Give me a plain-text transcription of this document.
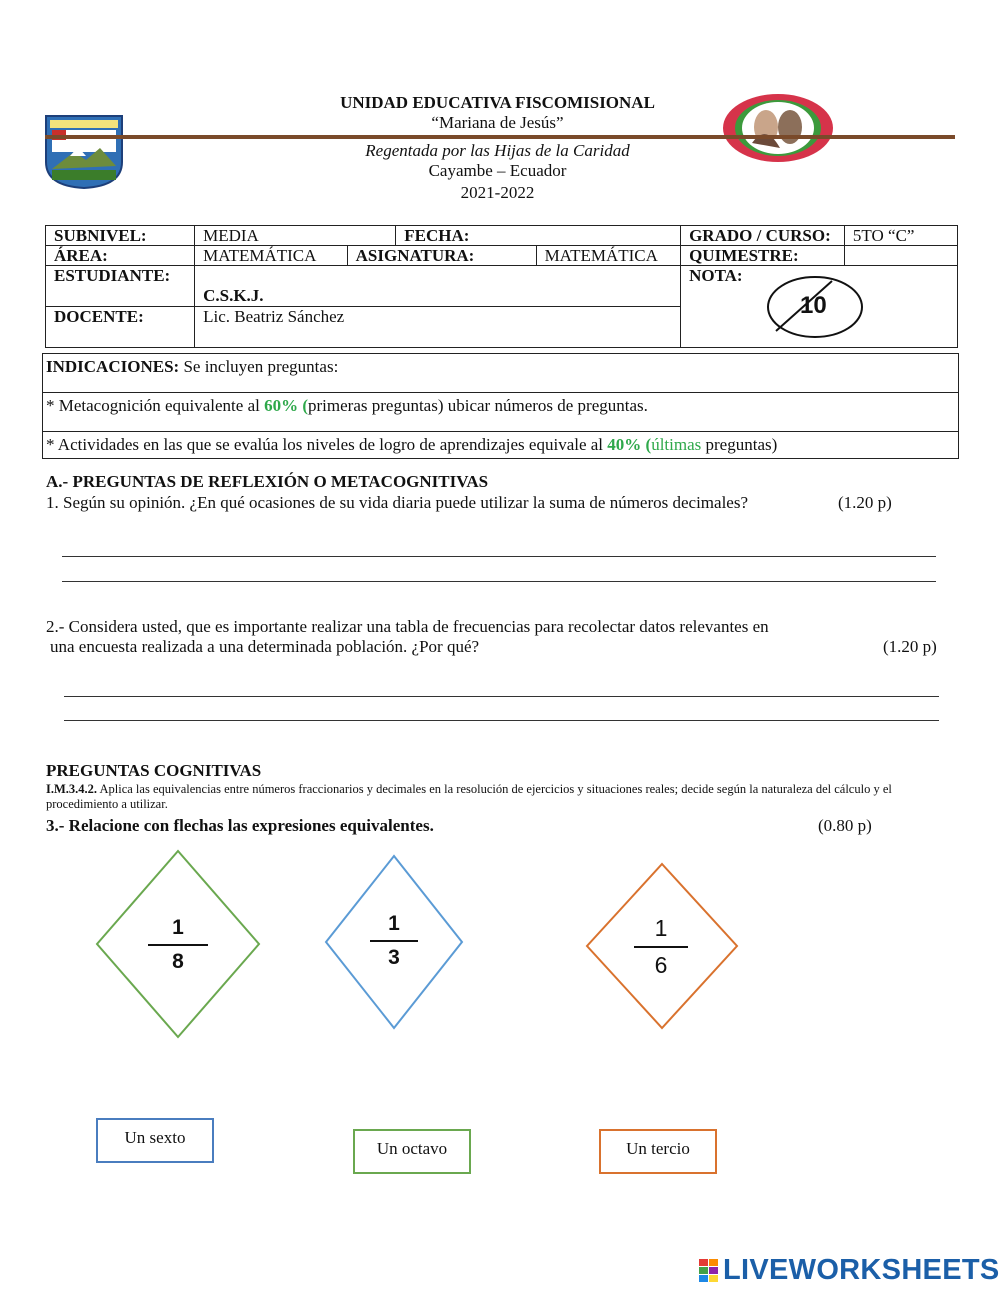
UNIDAD EDUCATIVA FISCOMISIONAL
“Mariana de Jesús”
Regentada por las Hijas de la Caridad
Cayambe – Ecuador
2021-2022
SUBNIVEL:	MEDIA		FECHA:		GRADO / CURSO:	5TO “C”
ÁREA:	MATEMÁTICA	ASIGNATURA:		MATEMÁTICA	QUIMESTRE:	
ESTUDIANTE:	C.S.K.J.				NOTA:	
DOCENTE:	Lic. Beatriz Sánchez						10
INDICACIONES: Se incluyen preguntas:
* Metacognición equivalente al 60% (primeras preguntas) ubicar números de preguntas.
* Actividades en las que se evalúa los niveles de logro de aprendizajes equivale al 40% (últimas preguntas)
A.- PREGUNTAS DE REFLEXIÓN O METACOGNITIVAS
1. Según su opinión. ¿En qué ocasiones de su vida diaria puede utilizar la suma de números decimales?	(1.20 p)
2.- Considera usted, que es importante realizar una tabla de frecuencias para recolectar datos relevantes en
una encuesta realizada a una determinada población. ¿Por qué?	(1.20 p)
PREGUNTAS COGNITIVAS
I.M.3.4.2. Aplica las equivalencias entre números fraccionarios y decimales en la resolución de ejercicios y situaciones reales; decide según la naturaleza del cálculo y el procedimiento a utilizar.
3.- Relacione con flechas las expresiones equivalentes.	(0.80 p)
1
8
1
3
1
6
Un sexto
Un octavo	Un tercio
LIVEWORKSHEETS
